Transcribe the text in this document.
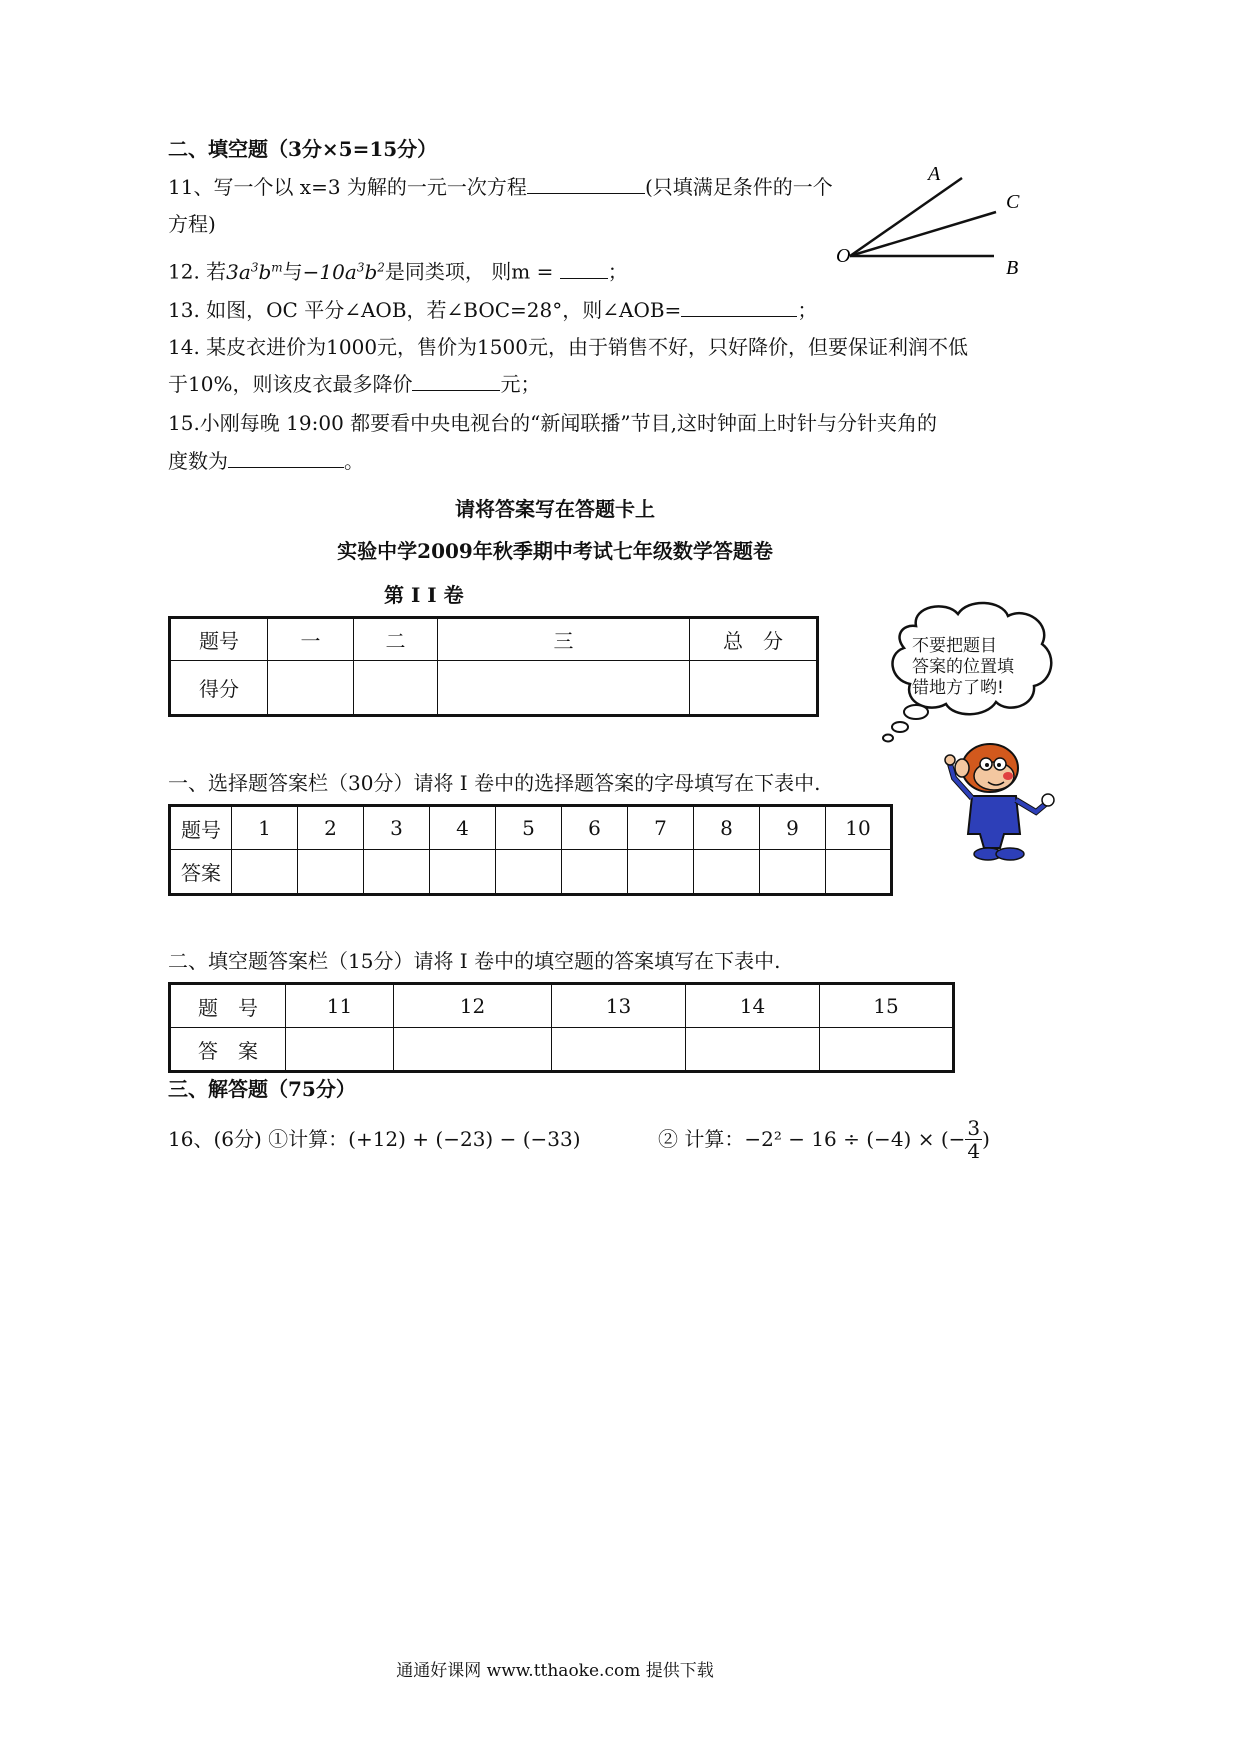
二、填空题（3分×5=15分）
11、写一个以 x=3 为解的一元一次方程	(只填满足条件的一个
方程)
12. 若$3a^3b^m$与$-10a^3b^2$是同类项， 则m =	；
13. 如图，OC 平分∠AOB，若∠BOC=28°，则∠AOB=	；
14. 某皮衣进价为1000元，售价为1500元，由于销售不好，只好降价，但要保证利润不低
于10%，则该皮衣最多降价	元；
15.小刚每晚 19:00 都要看中央电视台的“新闻联播”节目,这时钟面上时针与分针夹角的
度数为	。
A
C
O
B
请将答案写在答题卡上
实验中学2009年秋季期中考试七年级数学答题卷
第 I I 卷
题号	一	二	三	总　分
得分				
不要把题目
答案的位置填
错地方了哟!
一、选择题答案栏（30分）请将 I 卷中的选择题答案的字母填写在下表中.
题号	1	2	3	4	5	6	7	8	9	10
答案										
二、填空题答案栏（15分）请将 I 卷中的填空题的答案填写在下表中.
题　号	11	12	13	14	15
答　案					
三、解答题（75分）
16、(6分) ①计算：(+12) + (−23) − (−33)	② 计算： −2² − 16 ÷ (−4) × (− $\frac{3}{4}$ )
通通好课网 www.tthaoke.com 提供下载
